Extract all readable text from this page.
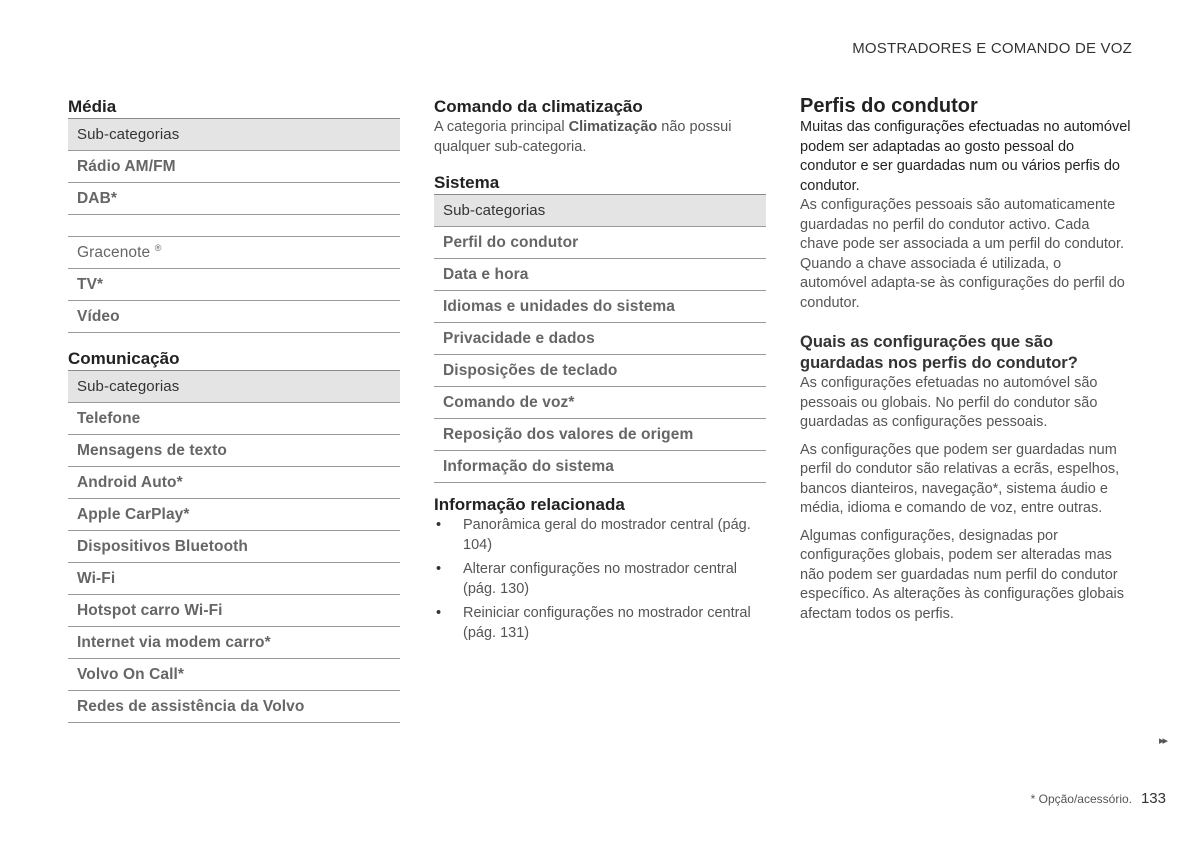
MOSTRADORES E COMANDO DE VOZ
Média
Sub-categorias
Rádio AM/FM
DAB*
Gracenote ®
TV*
Vídeo
Comunicação
Sub-categorias
Telefone
Mensagens de texto
Android Auto*
Apple CarPlay*
Dispositivos Bluetooth
Wi-Fi
Hotspot carro Wi-Fi
Internet via modem carro*
Volvo On Call*
Redes de assistência da Volvo
Comando da climatização

A categoria principal Climatização não possui qualquer sub-categoria.

Sistema
Sub-categorias
Perfil do condutor
Data e hora
Idiomas e unidades do sistema
Privacidade e dados
Disposições de teclado
Comando de voz*
Reposição dos valores de origem
Informação do sistema
Informação relacionada
• Panorâmica geral do mostrador central (pág. 104)
• Alterar configurações no mostrador central (pág. 130)
• Reiniciar configurações no mostrador central (pág. 131)
Perfis do condutor

Muitas das configurações efectuadas no automóvel podem ser adaptadas ao gosto pessoal do condutor e ser guardadas num ou vários perfis do condutor.

As configurações pessoais são automaticamente guardadas no perfil do condutor activo. Cada chave pode ser associada a um perfil do condutor. Quando a chave associada é utilizada, o automóvel adapta-se às configurações do perfil do condutor.

Quais as configurações que são guardadas nos perfis do condutor?

As configurações efetuadas no automóvel são pessoais ou globais. No perfil do condutor são guardadas as configurações pessoais.

As configurações que podem ser guardadas num perfil do condutor são relativas a ecrãs, espelhos, bancos dianteiros, navegação*, sistema áudio e média, idioma e comando de voz, entre outras.

Algumas configurações, designadas por configurações globais, podem ser alteradas mas não podem ser guardadas num perfil do condutor específico. As alterações às configurações globais afectam todos os perfis.

▸▸
* Opção/acessório. 133
